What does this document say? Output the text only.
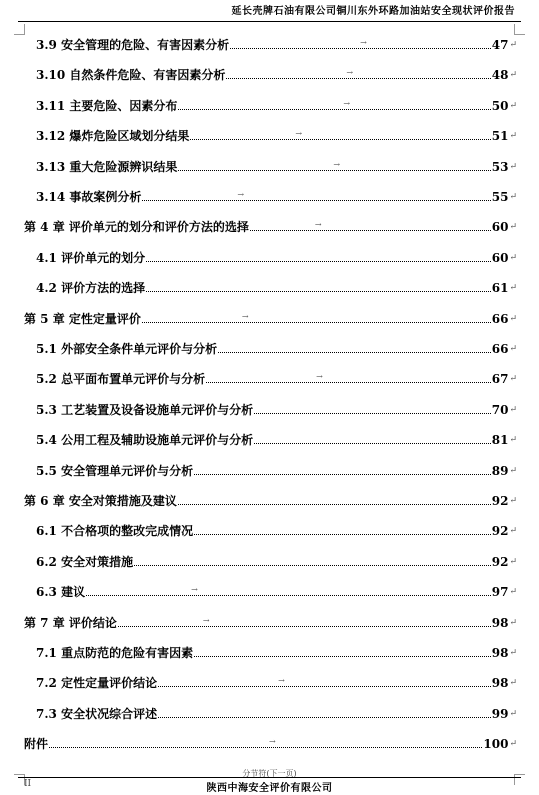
延长壳牌石油有限公司铜川东外环路加油站安全现状评价报告
3.9 安全管理的危险、有害因素分析	→	47 ↵
3.10 自然条件危险、有害因素分析	→	48 ↵
3.11 主要危险、因素分布	→	50 ↵
3.12 爆炸危险区域划分结果	→	51 ↵
3.13 重大危险源辨识结果	→	53 ↵
3.14 事故案例分析	→	55 ↵
第 4 章 评价单元的划分和评价方法的选择	→	60 ↵
4.1 评价单元的划分	60 ↵
4.2 评价方法的选择	61 ↵
第 5 章 定性定量评价	→	66 ↵
5.1 外部安全条件单元评价与分析	66 ↵
5.2 总平面布置单元评价与分析	→	67 ↵
5.3 工艺装置及设备设施单元评价与分析	70 ↵
5.4 公用工程及辅助设施单元评价与分析	81 ↵
5.5 安全管理单元评价与分析	89 ↵
第 6 章 安全对策措施及建议	92 ↵
6.1 不合格项的整改完成情况	92 ↵
6.2 安全对策措施	92 ↵
6.3 建议	→	97 ↵
第 7 章 评价结论	→	98 ↵
7.1 重点防范的危险有害因素	98 ↵
7.2 定性定量评价结论	→	98 ↵
7.3 安全状况综合评述	99 ↵
附件	→	100 ↵
分节符(下一页)
II	陕西中海安全评价有限公司
